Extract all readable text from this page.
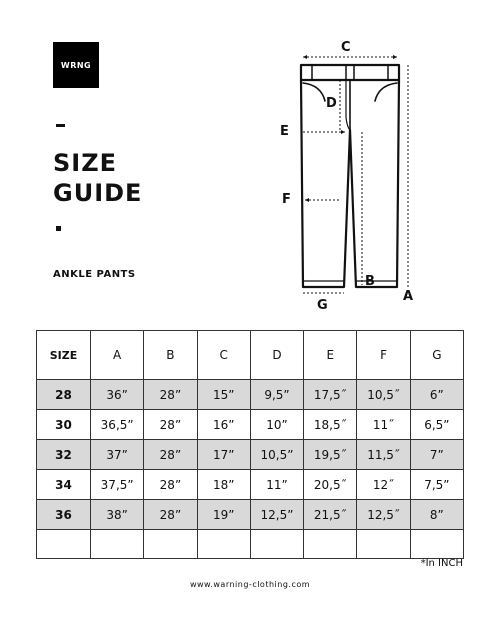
WRNG
SIZE
GUIDE
ANKLE PANTS
C
D
E
F
B
A
G
SIZE	A	B	C	D	E	F	G
28	36”	28”	15”	9,5”	17,5˝	10,5˝	6”
30	36,5”	28”	16”	10”	18,5˝	11˝	6,5”
32	37”	28”	17”	10,5”	19,5˝	11,5˝	7”
34	37,5”	28”	18”	11”	20,5˝	12˝	7,5”
36	38”	28”	19”	12,5”	21,5˝	12,5˝	8”

*In INCH
www.warning-clothing.com
